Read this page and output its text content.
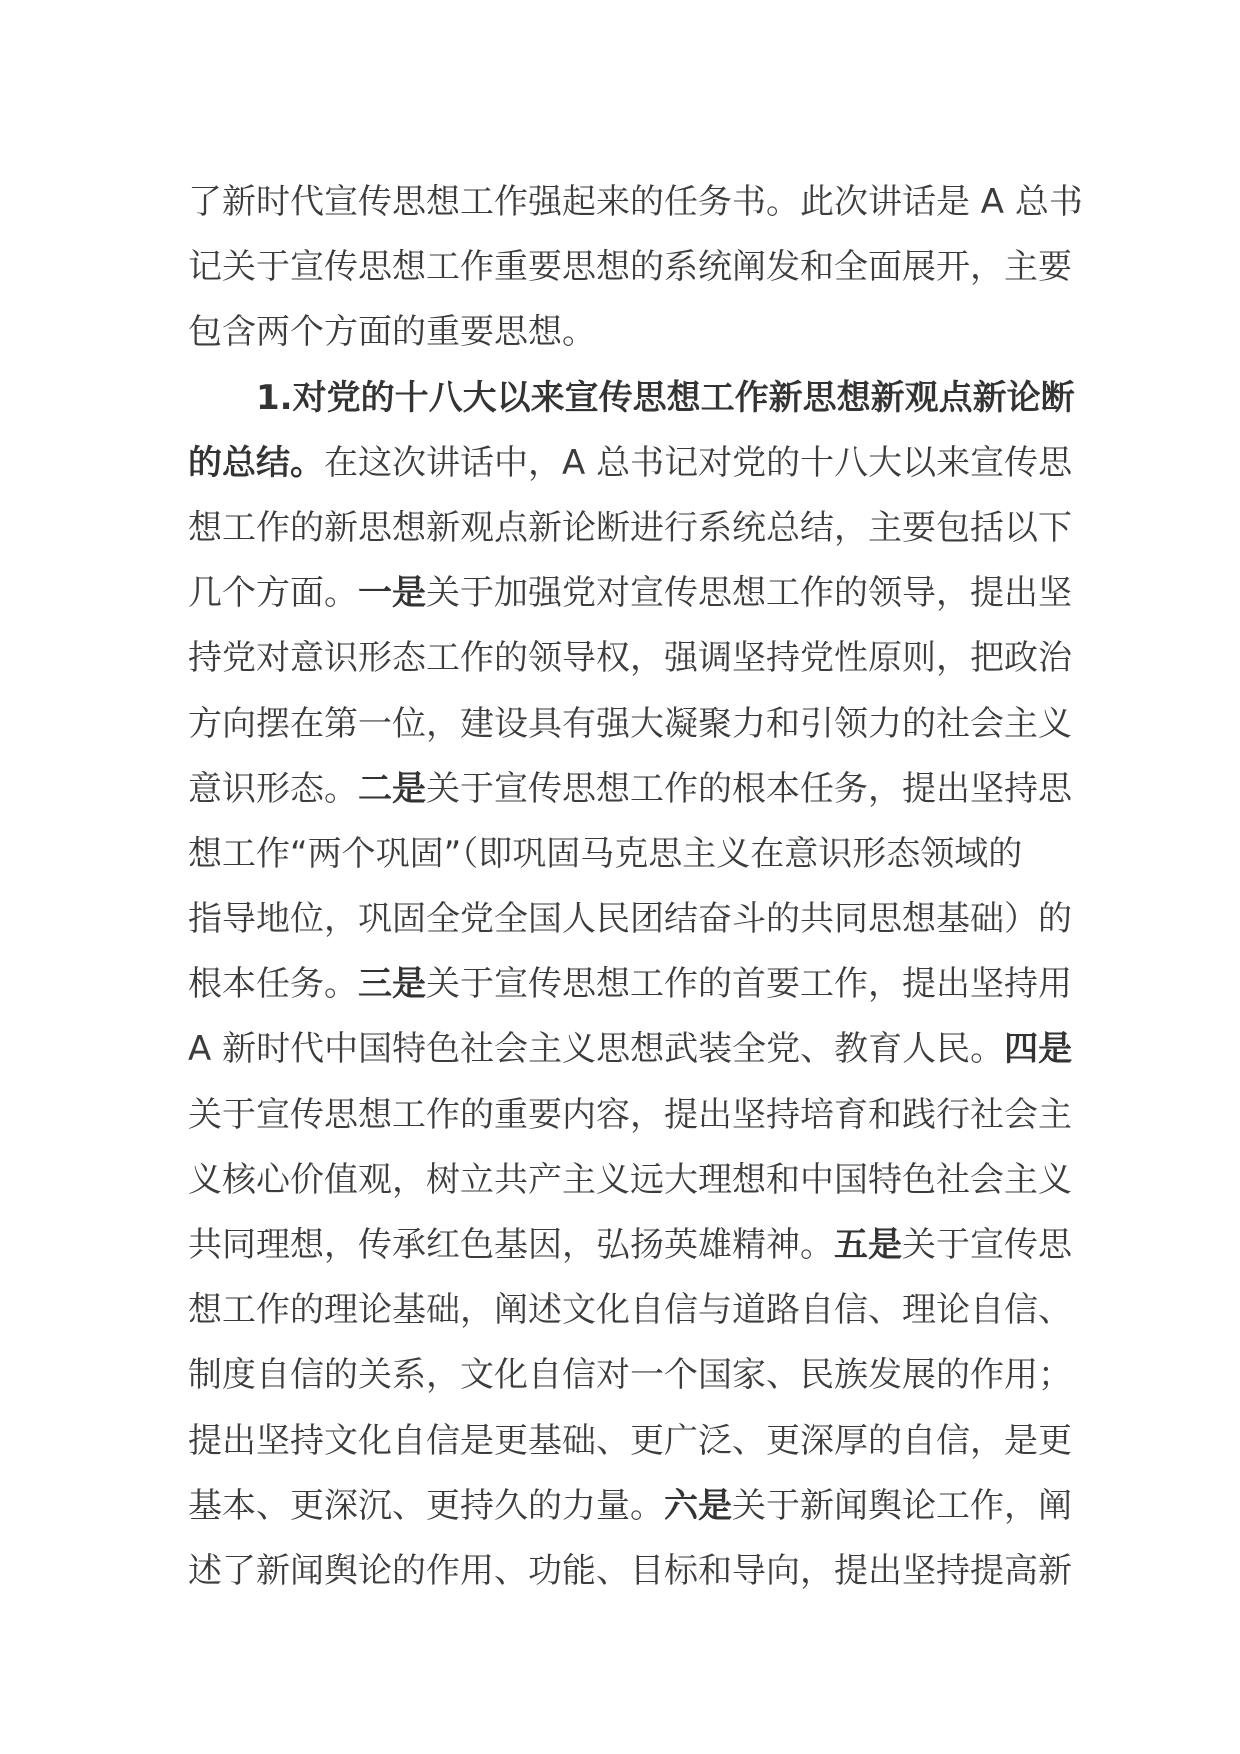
了新时代宣传思想工作强起来的任务书。此次讲话是 A 总书
记关于宣传思想工作重要思想的系统阐发和全面展开，主要
包含两个方面的重要思想。
1.对党的十八大以来宣传思想工作新思想新观点新论断
的总结。在这次讲话中，A 总书记对党的十八大以来宣传思
想工作的新思想新观点新论断进行系统总结，主要包括以下
几个方面。一是关于加强党对宣传思想工作的领导，提出坚
持党对意识形态工作的领导权，强调坚持党性原则，把政治
方向摆在第一位，建设具有强大凝聚力和引领力的社会主义
意识形态。二是关于宣传思想工作的根本任务，提出坚持思
想工作“两个巩固”（即巩固马克思主义在意识形态领域的
指导地位，巩固全党全国人民团结奋斗的共同思想基础）的
根本任务。三是关于宣传思想工作的首要工作，提出坚持用
A 新时代中国特色社会主义思想武装全党、教育人民。四是
关于宣传思想工作的重要内容，提出坚持培育和践行社会主
义核心价值观，树立共产主义远大理想和中国特色社会主义
共同理想，传承红色基因，弘扬英雄精神。五是关于宣传思
想工作的理论基础，阐述文化自信与道路自信、理论自信、
制度自信的关系，文化自信对一个国家、民族发展的作用；
提出坚持文化自信是更基础、更广泛、更深厚的自信，是更
基本、更深沉、更持久的力量。六是关于新闻舆论工作，阐
述了新闻舆论的作用、功能、目标和导向，提出坚持提高新
